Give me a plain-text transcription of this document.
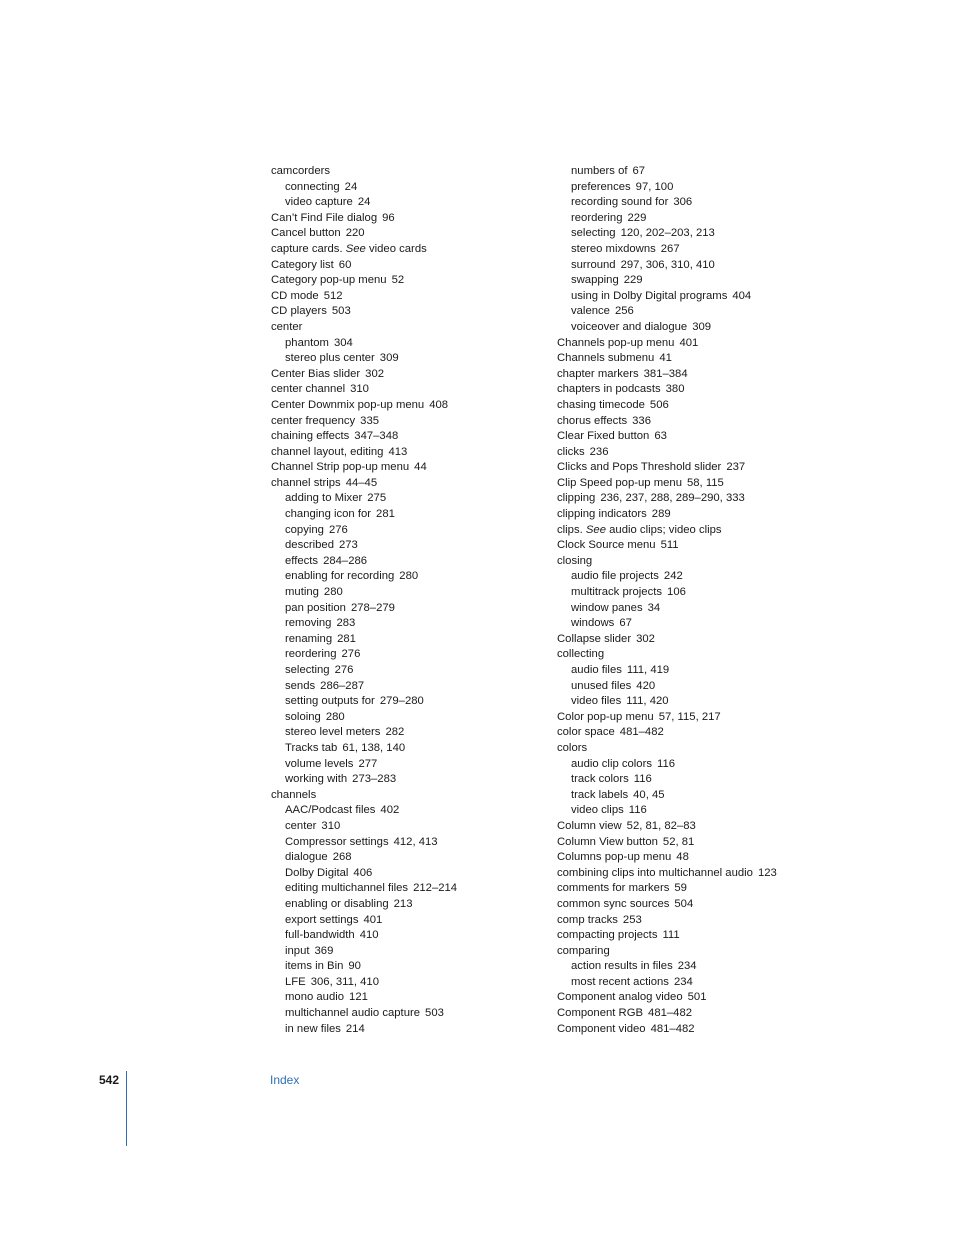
camcorders
connecting 24
video capture 24
Can’t Find File dialog 96
Cancel button 220
capture cards. See video cards
Category list 60
Category pop-up menu 52
CD mode 512
CD players 503
center
phantom 304
stereo plus center 309
Center Bias slider 302
center channel 310
Center Downmix pop-up menu 408
center frequency 335
chaining effects 347–348
channel layout, editing 413
Channel Strip pop-up menu 44
channel strips 44–45
adding to Mixer 275
changing icon for 281
copying 276
described 273
effects 284–286
enabling for recording 280
muting 280
pan position 278–279
removing 283
renaming 281
reordering 276
selecting 276
sends 286–287
setting outputs for 279–280
soloing 280
stereo level meters 282
Tracks tab 61, 138, 140
volume levels 277
working with 273–283
channels
AAC/Podcast files 402
center 310
Compressor settings 412, 413
dialogue 268
Dolby Digital 406
editing multichannel files 212–214
enabling or disabling 213
export settings 401
full-bandwidth 410
input 369
items in Bin 90
LFE 306, 311, 410
mono audio 121
multichannel audio capture 503
in new files 214
numbers of 67
preferences 97, 100
recording sound for 306
reordering 229
selecting 120, 202–203, 213
stereo mixdowns 267
surround 297, 306, 310, 410
swapping 229
using in Dolby Digital programs 404
valence 256
voiceover and dialogue 309
Channels pop-up menu 401
Channels submenu 41
chapter markers 381–384
chapters in podcasts 380
chasing timecode 506
chorus effects 336
Clear Fixed button 63
clicks 236
Clicks and Pops Threshold slider 237
Clip Speed pop-up menu 58, 115
clipping 236, 237, 288, 289–290, 333
clipping indicators 289
clips. See audio clips; video clips
Clock Source menu 511
closing
audio file projects 242
multitrack projects 106
window panes 34
windows 67
Collapse slider 302
collecting
audio files 111, 419
unused files 420
video files 111, 420
Color pop-up menu 57, 115, 217
color space 481–482
colors
audio clip colors 116
track colors 116
track labels 40, 45
video clips 116
Column view 52, 81, 82–83
Column View button 52, 81
Columns pop-up menu 48
combining clips into multichannel audio 123
comments for markers 59
common sync sources 504
comp tracks 253
compacting projects 111
comparing
action results in files 234
most recent actions 234
Component analog video 501
Component RGB 481–482
Component video 481–482
542	Index
